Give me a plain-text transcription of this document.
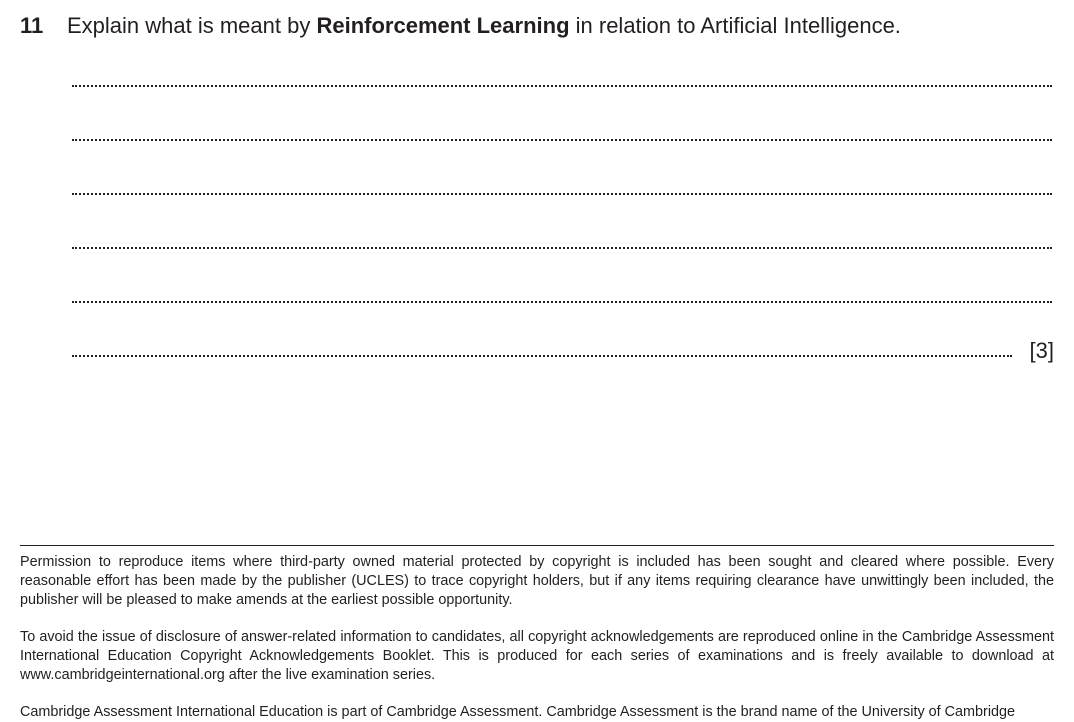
11 Explain what is meant by Reinforcement Learning in relation to Artificial Intelligence.
[3]

Permission to reproduce items where third-party owned material protected by copyright is included has been sought and cleared where possible. Every reasonable effort has been made by the publisher (UCLES) to trace copyright holders, but if any items requiring clearance have unwittingly been included, the publisher will be pleased to make amends at the earliest possible opportunity.

To avoid the issue of disclosure of answer-related information to candidates, all copyright acknowledgements are reproduced online in the Cambridge Assessment International Education Copyright Acknowledgements Booklet. This is produced for each series of examinations and is freely available to download at www.cambridgeinternational.org after the live examination series.

Cambridge Assessment International Education is part of Cambridge Assessment. Cambridge Assessment is the brand name of the University of Cambridge
